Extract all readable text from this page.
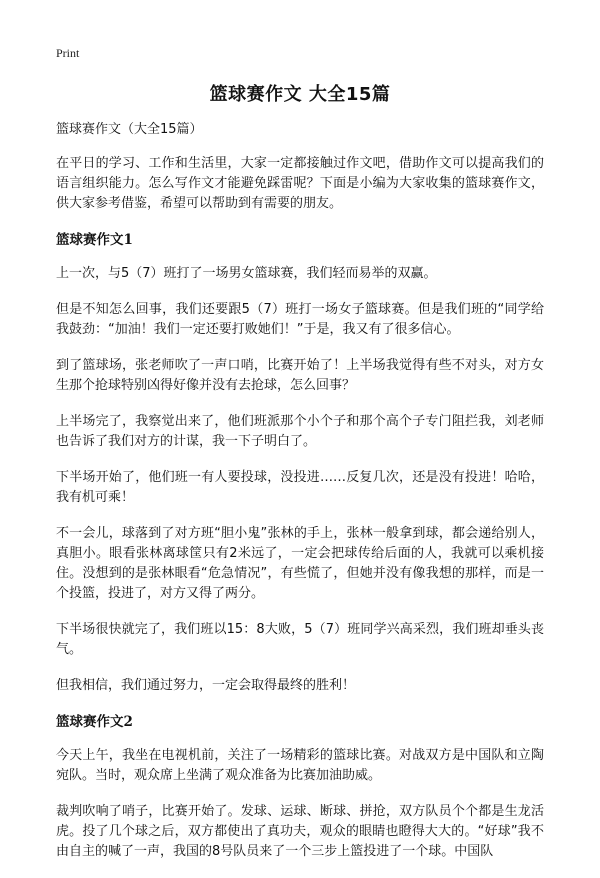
Print
篮球赛作文 大全15篇
篮球赛作文（大全15篇）

在平日的学习、工作和生活里，大家一定都接触过作文吧，借助作文可以提高我们的语言组织能力。怎么写作文才能避免踩雷呢？下面是小编为大家收集的篮球赛作文，供大家参考借鉴，希望可以帮助到有需要的朋友。

篮球赛作文1

上一次，与5（7）班打了一场男女篮球赛，我们轻而易举的双赢。

但是不知怎么回事，我们还要跟5（7）班打一场女子篮球赛。但是我们班的“同学给我鼓劲：“加油！我们一定还要打败她们！”于是，我又有了很多信心。

到了篮球场，张老师吹了一声口哨，比赛开始了！上半场我觉得有些不对头，对方女生那个抢球特别凶得好像并没有去抢球，怎么回事？

上半场完了，我察觉出来了，他们班派那个小个子和那个高个子专门阻拦我，刘老师也告诉了我们对方的计谋，我一下子明白了。

下半场开始了，他们班一有人要投球，没投进……反复几次，还是没有投进！哈哈，我有机可乘！

不一会儿，球落到了对方班“胆小鬼”张林的手上，张林一般拿到球，都会递给别人，真胆小。眼看张林离球筐只有2米远了，一定会把球传给后面的人，我就可以乘机接住。没想到的是张林眼看“危急情况”，有些慌了，但她并没有像我想的那样，而是一个投篮，投进了，对方又得了两分。

下半场很快就完了，我们班以15：8大败，5（7）班同学兴高采烈，我们班却垂头丧气。

但我相信，我们通过努力，一定会取得最终的胜利！

篮球赛作文2

今天上午，我坐在电视机前，关注了一场精彩的篮球比赛。对战双方是中国队和立陶宛队。当时，观众席上坐满了观众准备为比赛加油助威。

裁判吹响了哨子，比赛开始了。发球、运球、断球、拼抢，双方队员个个都是生龙活虎。投了几个球之后，双方都使出了真功夫，观众的眼睛也瞪得大大的。“好球”我不由自主的喊了一声，我国的8号队员来了一个三步上篮投进了一个球。中国队
